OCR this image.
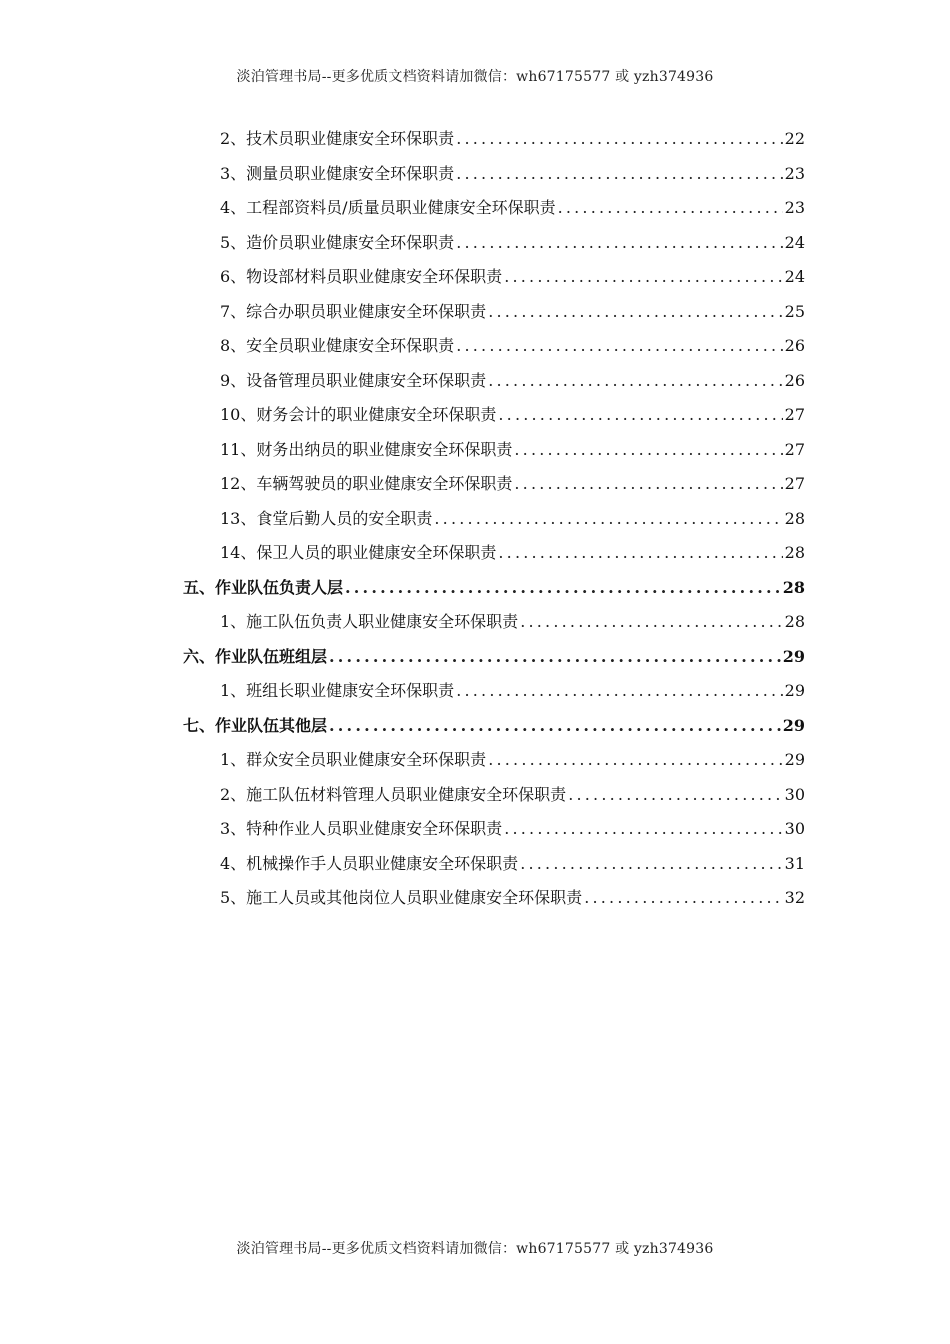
淡泊管理书局--更多优质文档资料请加微信：wh67175577 或 yzh374936
2、技术员职业健康安全环保职责 .....	22
3、测量员职业健康安全环保职责 .....	23
4、工程部资料员/质量员职业健康安全环保职责 .....	23
5、造价员职业健康安全环保职责 .....	24
6、物设部材料员职业健康安全环保职责 .....	24
7、综合办职员职业健康安全环保职责 .....	25
8、安全员职业健康安全环保职责 .....	26
9、设备管理员职业健康安全环保职责 .....	26
10、财务会计的职业健康安全环保职责 .....	27
11、财务出纳员的职业健康安全环保职责 .....	27
12、车辆驾驶员的职业健康安全环保职责 .....	27
13、食堂后勤人员的安全职责 .....	28
14、保卫人员的职业健康安全环保职责 .....	28
五、作业队伍负责人层 .....	28
1、施工队伍负责人职业健康安全环保职责 .....	28
六、作业队伍班组层 .....	29
1、班组长职业健康安全环保职责 .....	29
七、作业队伍其他层 .....	29
1、群众安全员职业健康安全环保职责 .....	29
2、施工队伍材料管理人员职业健康安全环保职责 .....	30
3、特种作业人员职业健康安全环保职责 .....	30
4、机械操作手人员职业健康安全环保职责 .....	31
5、施工人员或其他岗位人员职业健康安全环保职责 .....	32
淡泊管理书局--更多优质文档资料请加微信：wh67175577 或 yzh374936
